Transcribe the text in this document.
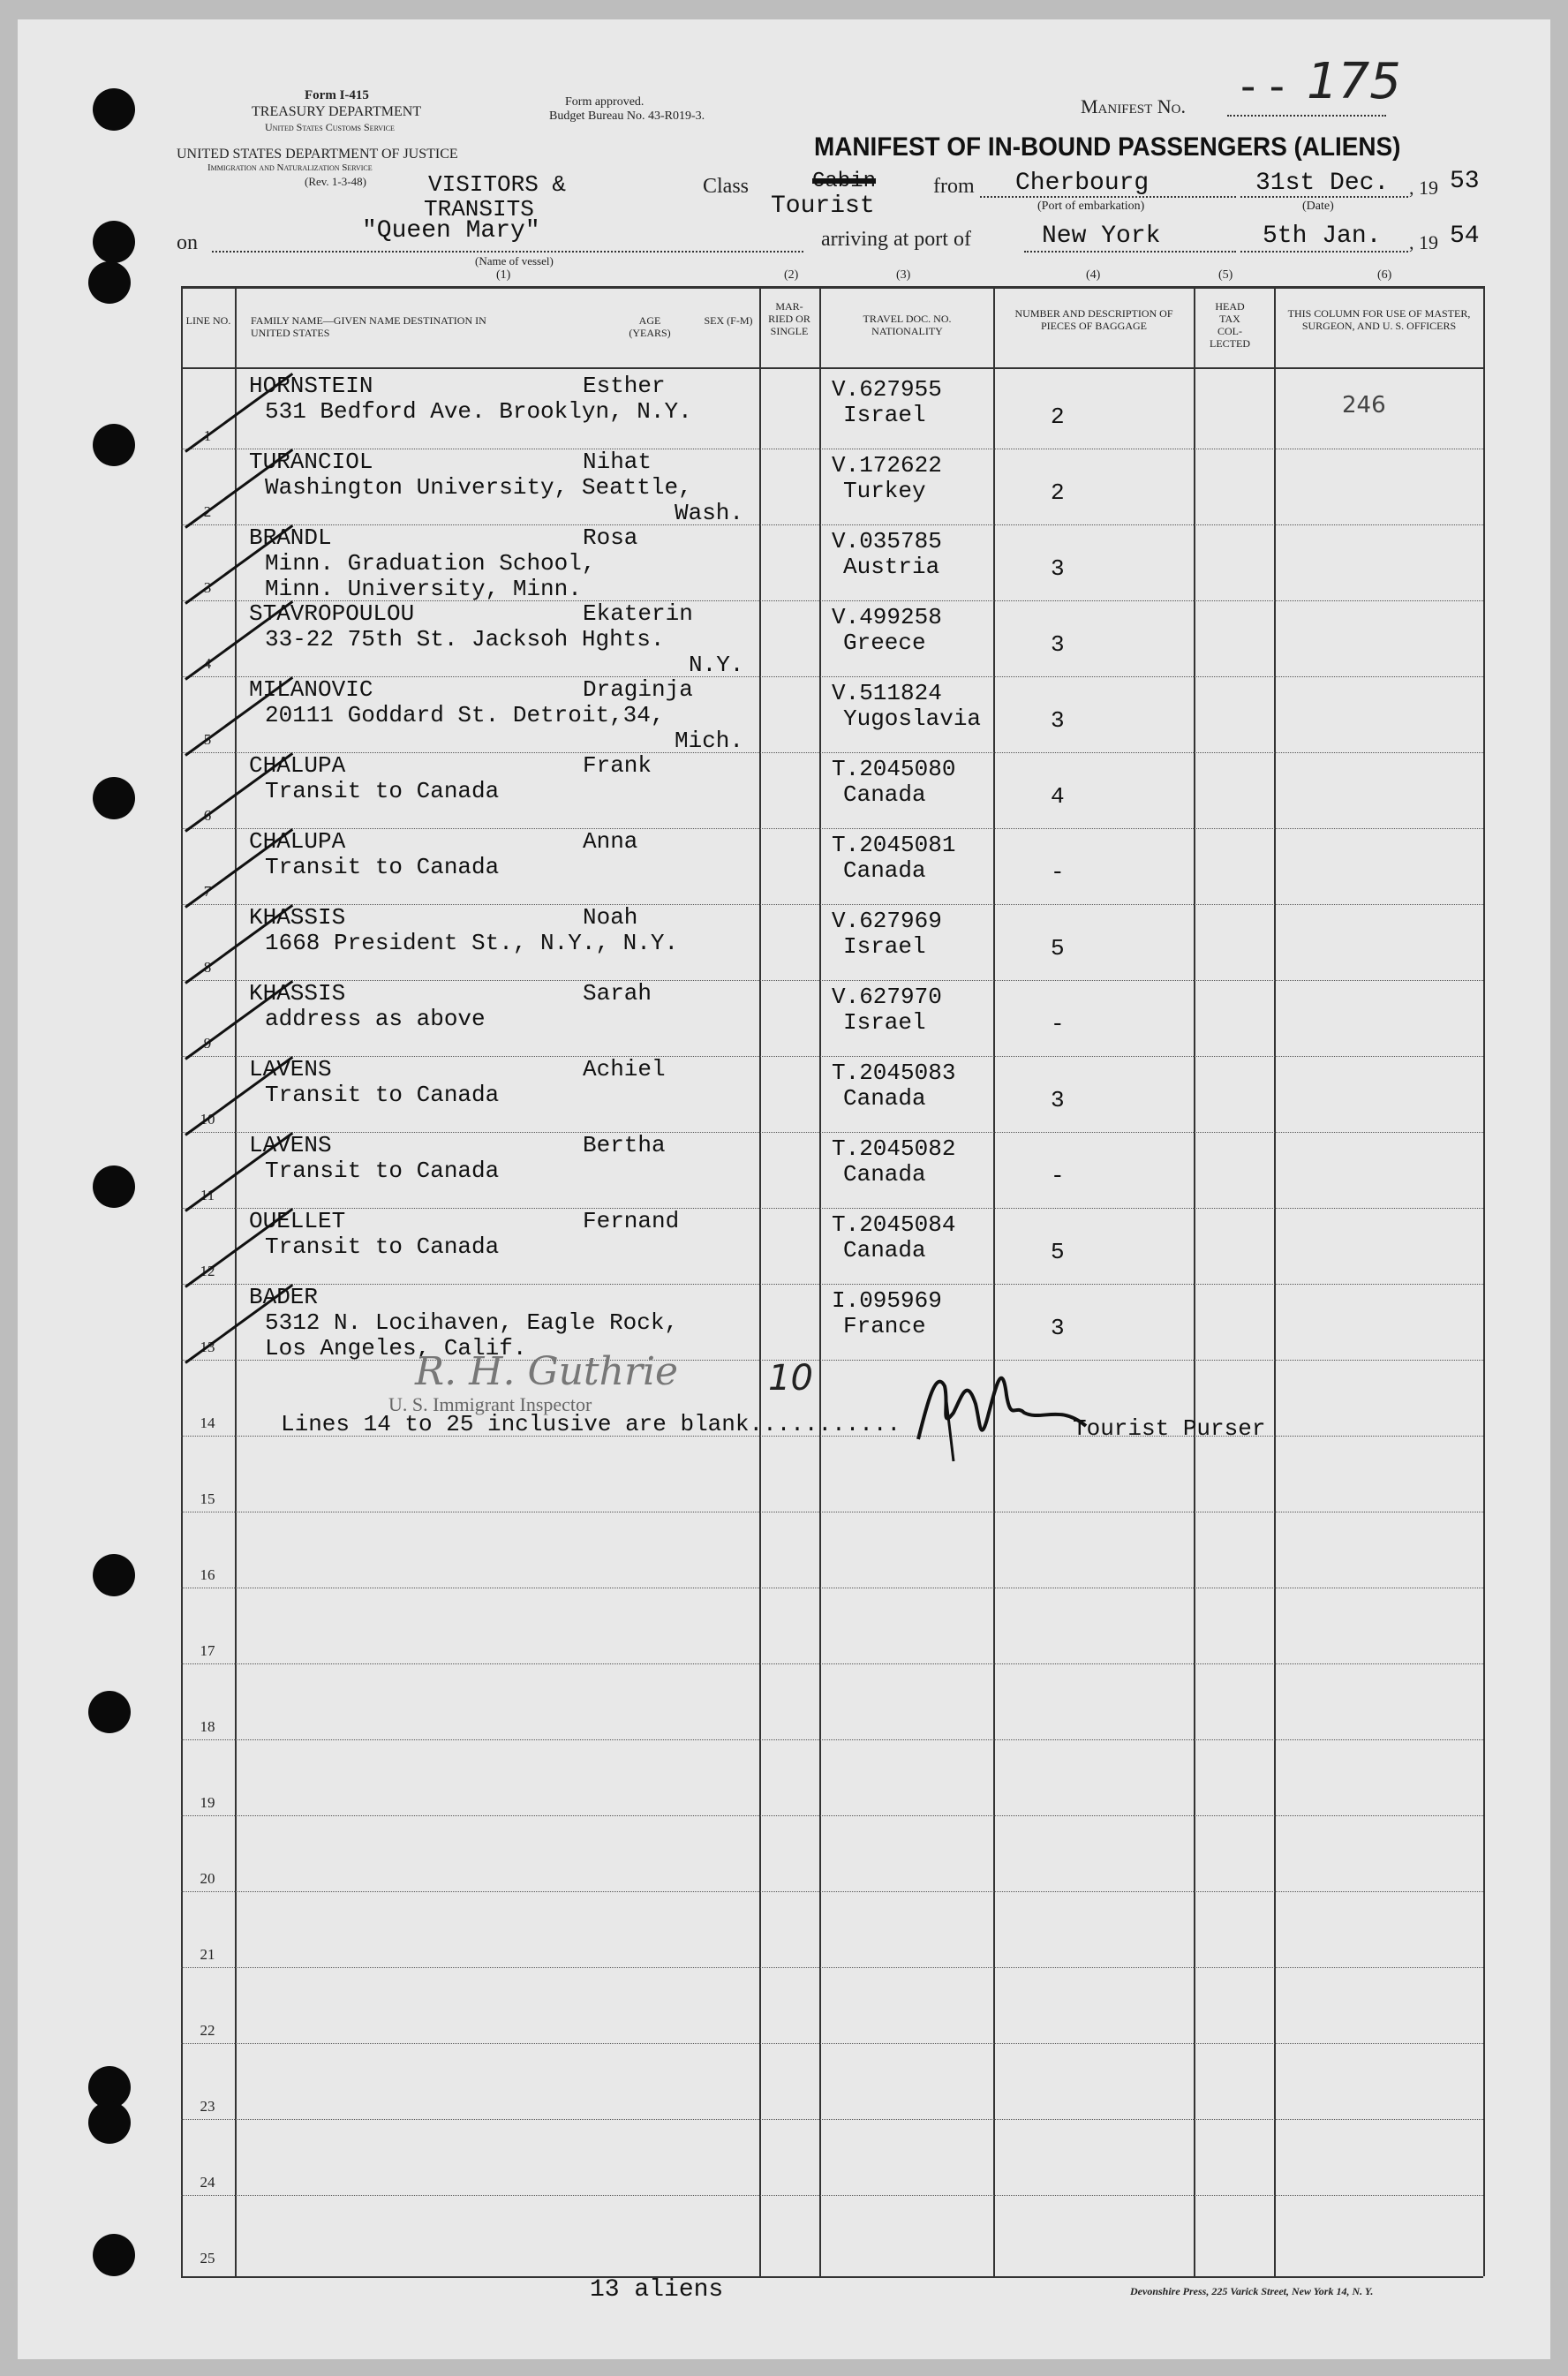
Form I-415
TREASURY DEPARTMENT
United States Customs Service
Form approved.
Budget Bureau No. 43-R019-3.
UNITED STATES DEPARTMENT OF JUSTICE
Immigration and Naturalization Service
(Rev. 1-3-48)	VISITORS &
TRANSITS
Manifest No. 175
- -
MANIFEST OF IN-BOUND PASSENGERS (ALIENS)
Class	Cabin
Tourist
from Cherbourg
(Port of embarkation)
31st Dec. , 19 53
(Date)
on	"Queen Mary"
(Name of vessel)
arriving at port of	New York	5th Jan. , 19 54
(1)	(2)	(3)	(4)	(5)	(6)
LINE NO. FAMILY NAME—GIVEN NAME DESTINATION IN UNITED STATES
AGE (YEARS)
SEX (F-M)
MAR-RIED OR SINGLE
TRAVEL DOC. NO. NATIONALITY
NUMBER AND DESCRIPTION OF PIECES OF BAGGAGE
HEAD TAX COL-LECTED
THIS COLUMN FOR USE OF MASTER, SURGEON, AND U. S. OFFICERS
1
HORNSTEIN	Esther
531 Bedford Ave. Brooklyn, N.Y.
V.627955
Israel	2	246
2
TURANCIOL	Nihat
Washington University, Seattle,
Wash.
V.172622
Turkey	2
3
BRANDL	Rosa
Minn. Graduation School,
Minn. University, Minn.
V.035785
Austria	3
4
STAVROPOULOU	Ekaterin
33-22 75th St. Jacksoh Hghts.
N.Y.
V.499258
Greece	3
5
MILANOVIC	Draginja
20111 Goddard St. Detroit,34,
Mich.
V.511824
Yugoslavia	3
6
CHALUPA	Frank
Transit to Canada
T.2045080
Canada	4
7
CHALUPA	Anna
Transit to Canada
T.2045081
Canada	-
8
KHASSIS	Noah
1668 President St., N.Y., N.Y.
V.627969
Israel	5
9
KHASSIS	Sarah
address as above
V.627970
Israel	-
10
LAVENS	Achiel
Transit to Canada
T.2045083
Canada	3
11
LAVENS	Bertha
Transit to Canada
T.2045082
Canada	-
12
OUELLET	Fernand
Transit to Canada
T.2045084
Canada	5
13
BADER
5312 N. Locihaven, Eagle Rock,
Los Angeles, Calif.
I.095969
France	3
14
15
16
17
18
19
20
21
22
23
24
25
Lines 14 to 25 inclusive are blank...........	Tourist Purser
R. H. Guthrie
U. S. Immigrant Inspector
10
13 aliens	Devonshire Press, 225 Varick Street, New York 14, N. Y.
